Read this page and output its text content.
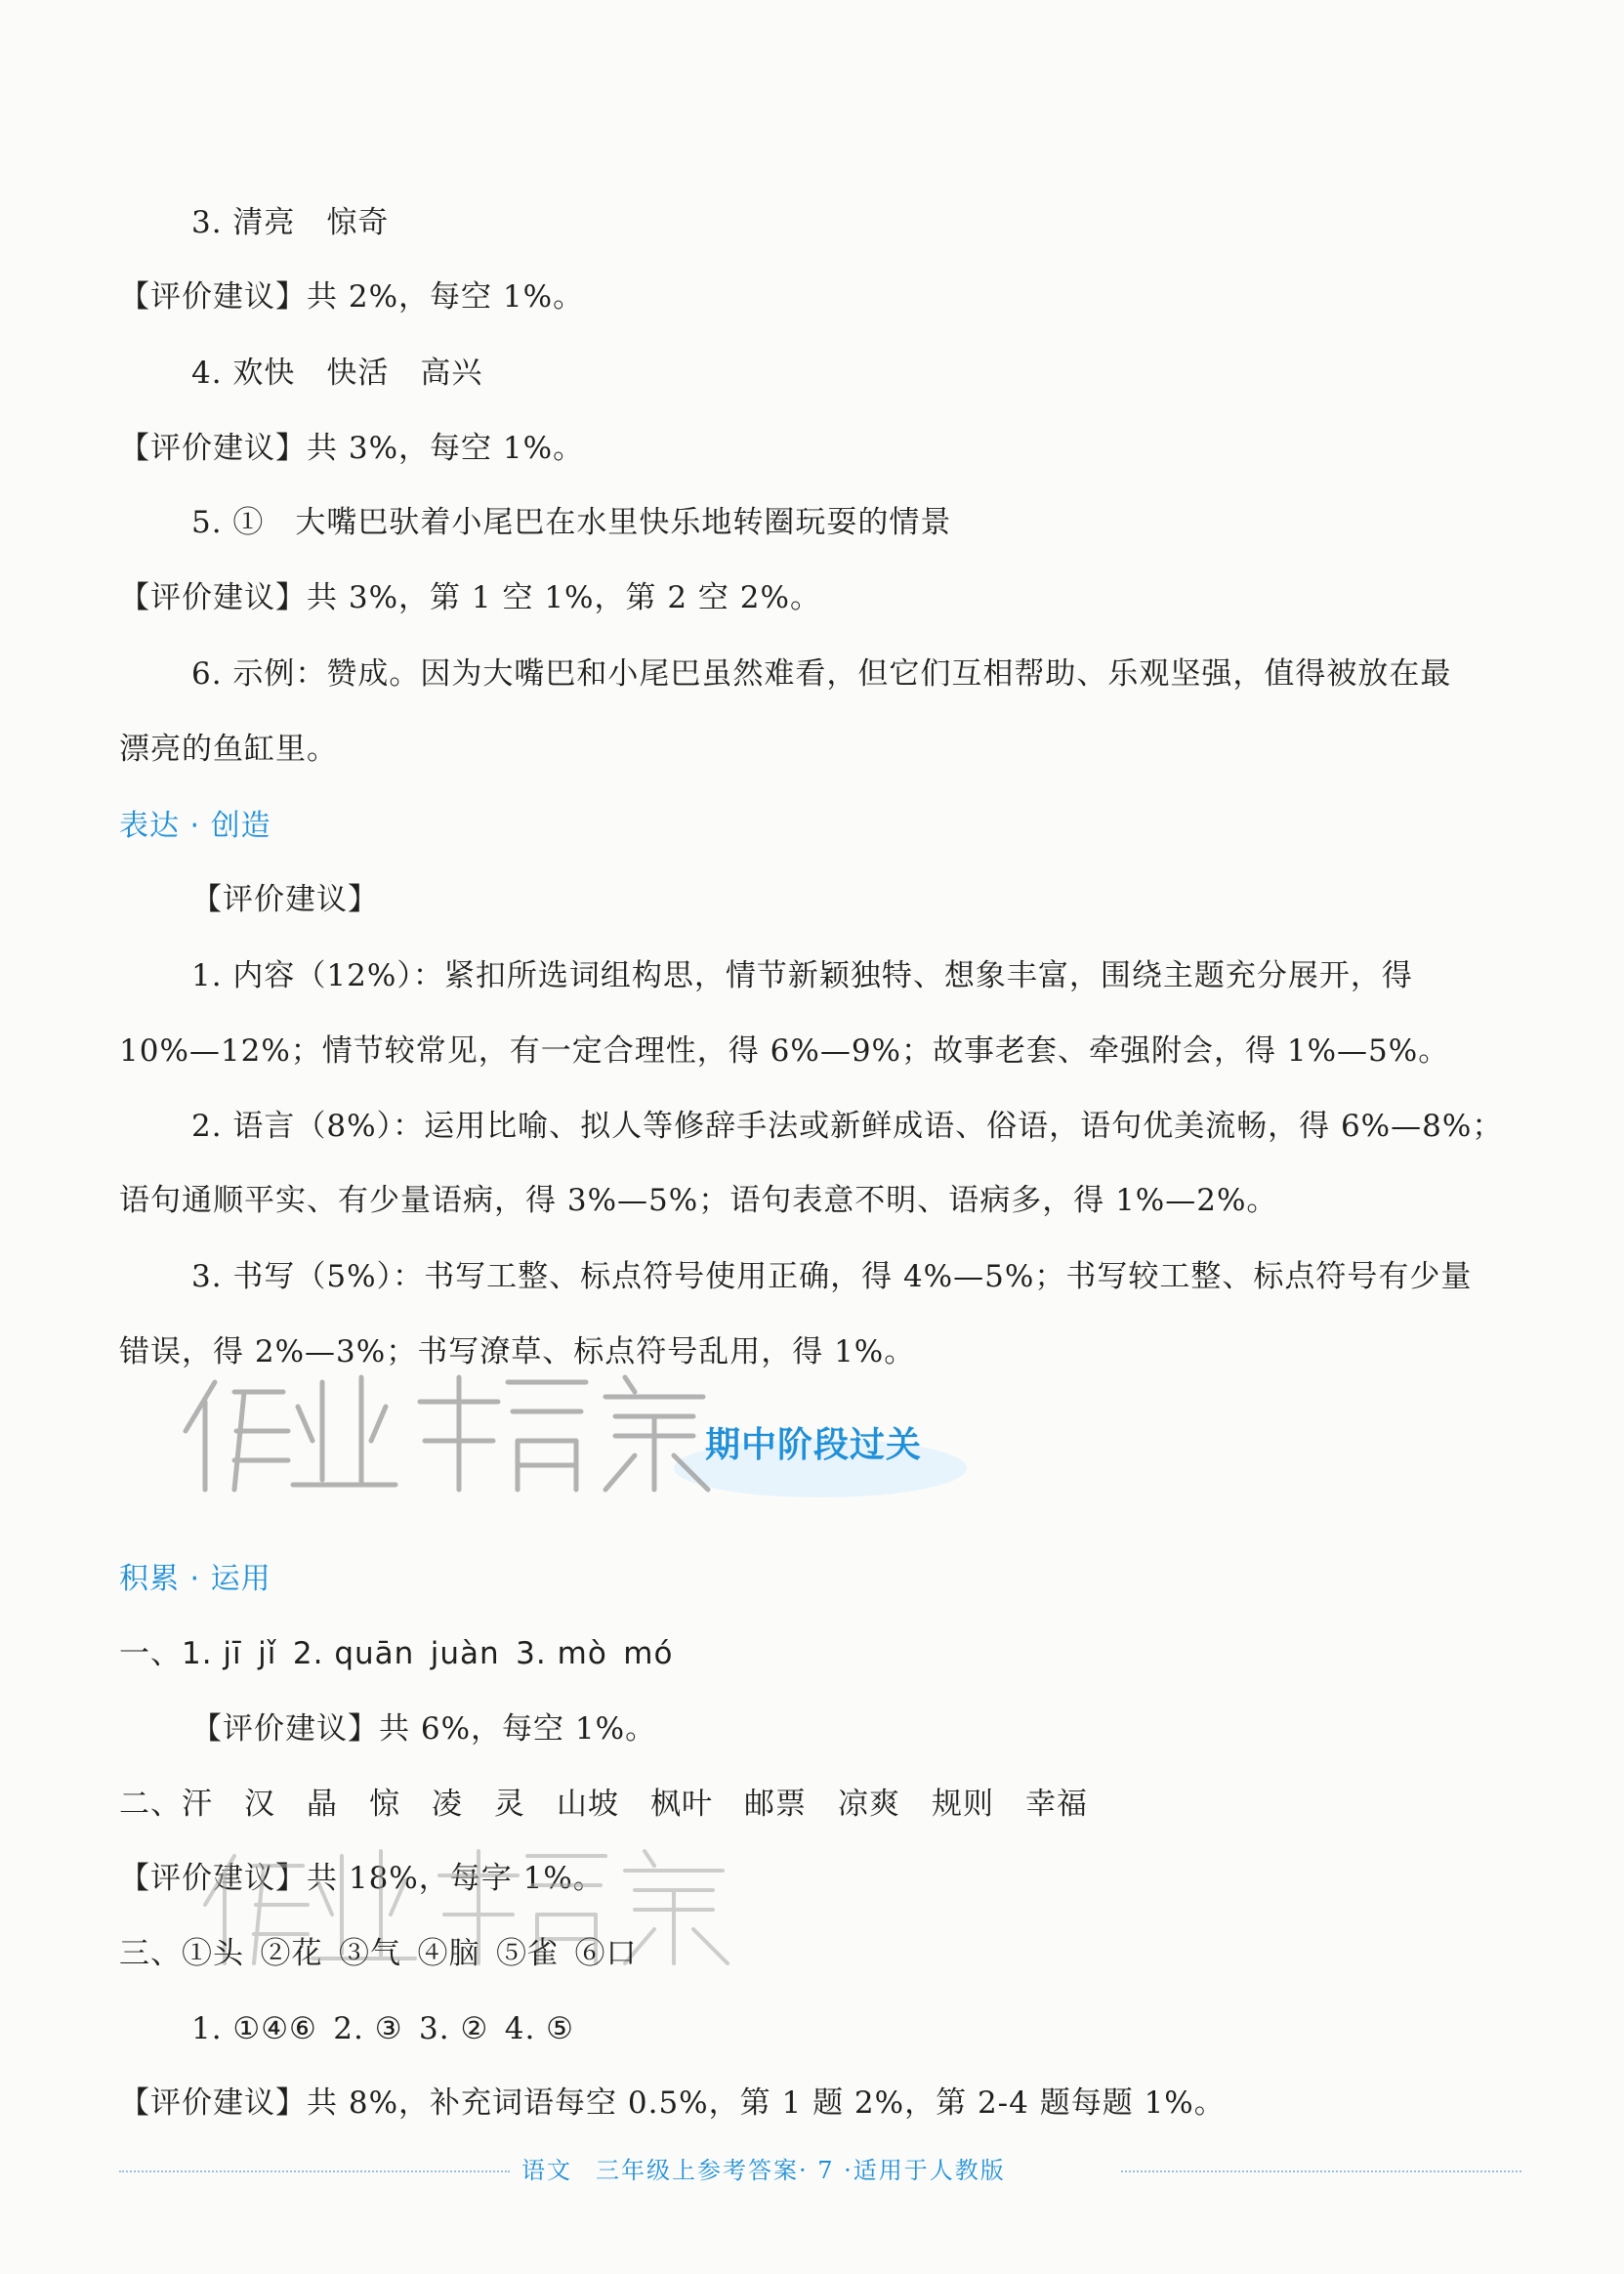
3. 清亮　惊奇
【评价建议】共 2%，每空 1%。
4. 欢快　快活　高兴
【评价建议】共 3%，每空 1%。
5. ①　大嘴巴驮着小尾巴在水里快乐地转圈玩耍的情景
【评价建议】共 3%，第 1 空 1%，第 2 空 2%。
6. 示例：赞成。因为大嘴巴和小尾巴虽然难看，但它们互相帮助、乐观坚强，值得被放在最
漂亮的鱼缸里。
表达 · 创造
【评价建议】
1. 内容（12%）：紧扣所选词组构思，情节新颖独特、想象丰富，围绕主题充分展开，得
10%—12%；情节较常见，有一定合理性，得 6%—9%；故事老套、牵强附会，得 1%—5%。
2. 语言（8%）：运用比喻、拟人等修辞手法或新鲜成语、俗语，语句优美流畅，得 6%—8%；
语句通顺平实、有少量语病，得 3%—5%；语句表意不明、语病多，得 1%—2%。
3. 书写（5%）：书写工整、标点符号使用正确，得 4%—5%；书写较工整、标点符号有少量
错误，得 2%—3%；书写潦草、标点符号乱用，得 1%。
期中阶段过关
积累 · 运用
一、1. jī jǐ 2. quān juàn 3. mò mó
【评价建议】共 6%，每空 1%。
二、汗 汉 晶 惊 凌 灵 山坡 枫叶 邮票 凉爽 规则 幸福
【评价建议】共 18%，每字 1%。
三、①头 ②花 ③气 ④脑 ⑤雀 ⑥口
1. ①④⑥ 2. ③ 3. ② 4. ⑤
【评价建议】共 8%，补充词语每空 0.5%，第 1 题 2%，第 2-4 题每题 1%。
语文 三年级上参考答案· 7 ·适用于人教版
